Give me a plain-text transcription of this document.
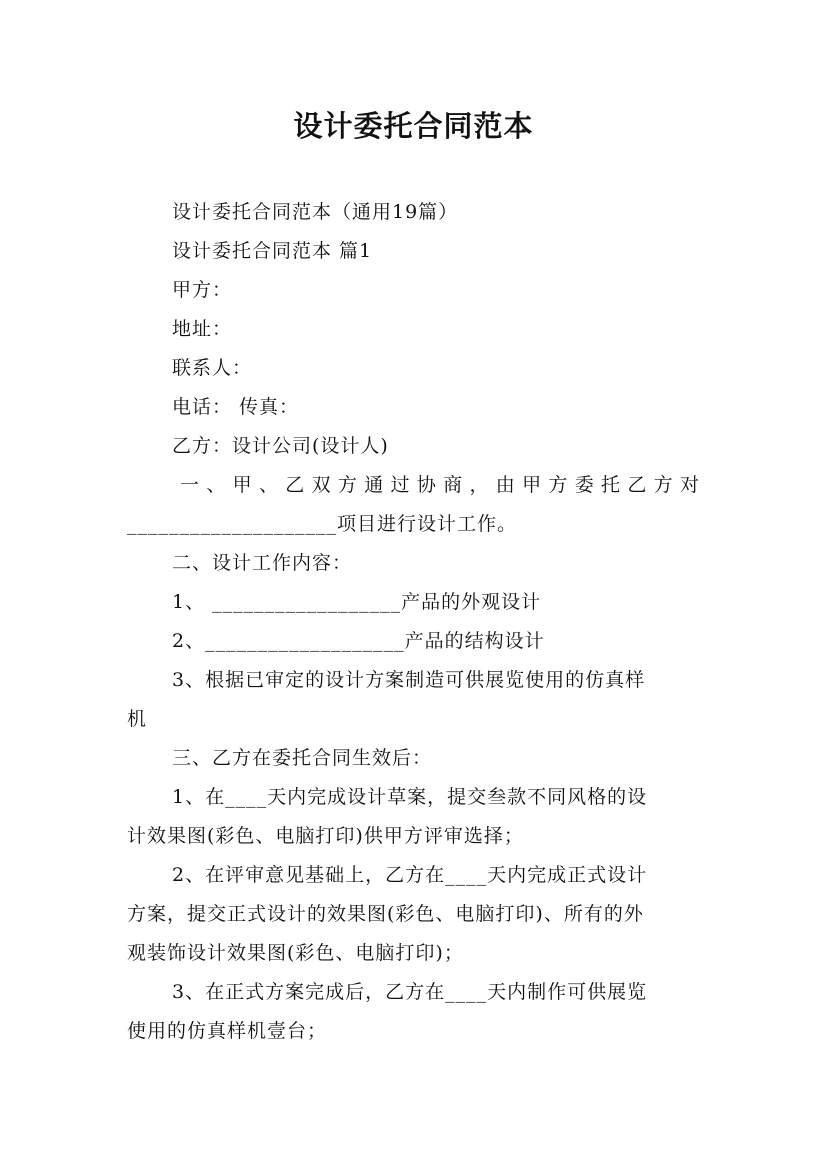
设计委托合同范本
设计委托合同范本（通用19篇）
设计委托合同范本 篇1
甲方：
地址：
联系人：
电话： 传真：
乙方：设计公司(设计人)
一、甲、乙双方通过协商，由甲方委托乙方对
____________________项目进行设计工作。
二、设计工作内容：
1、 __________________产品的外观设计
2、___________________产品的结构设计
3、根据已审定的设计方案制造可供展览使用的仿真样
机
三、乙方在委托合同生效后：
1、在____天内完成设计草案，提交叁款不同风格的设
计效果图(彩色、电脑打印)供甲方评审选择；
2、在评审意见基础上，乙方在____天内完成正式设计
方案，提交正式设计的效果图(彩色、电脑打印)、所有的外
观装饰设计效果图(彩色、电脑打印)；
3、在正式方案完成后，乙方在____天内制作可供展览
使用的仿真样机壹台；
